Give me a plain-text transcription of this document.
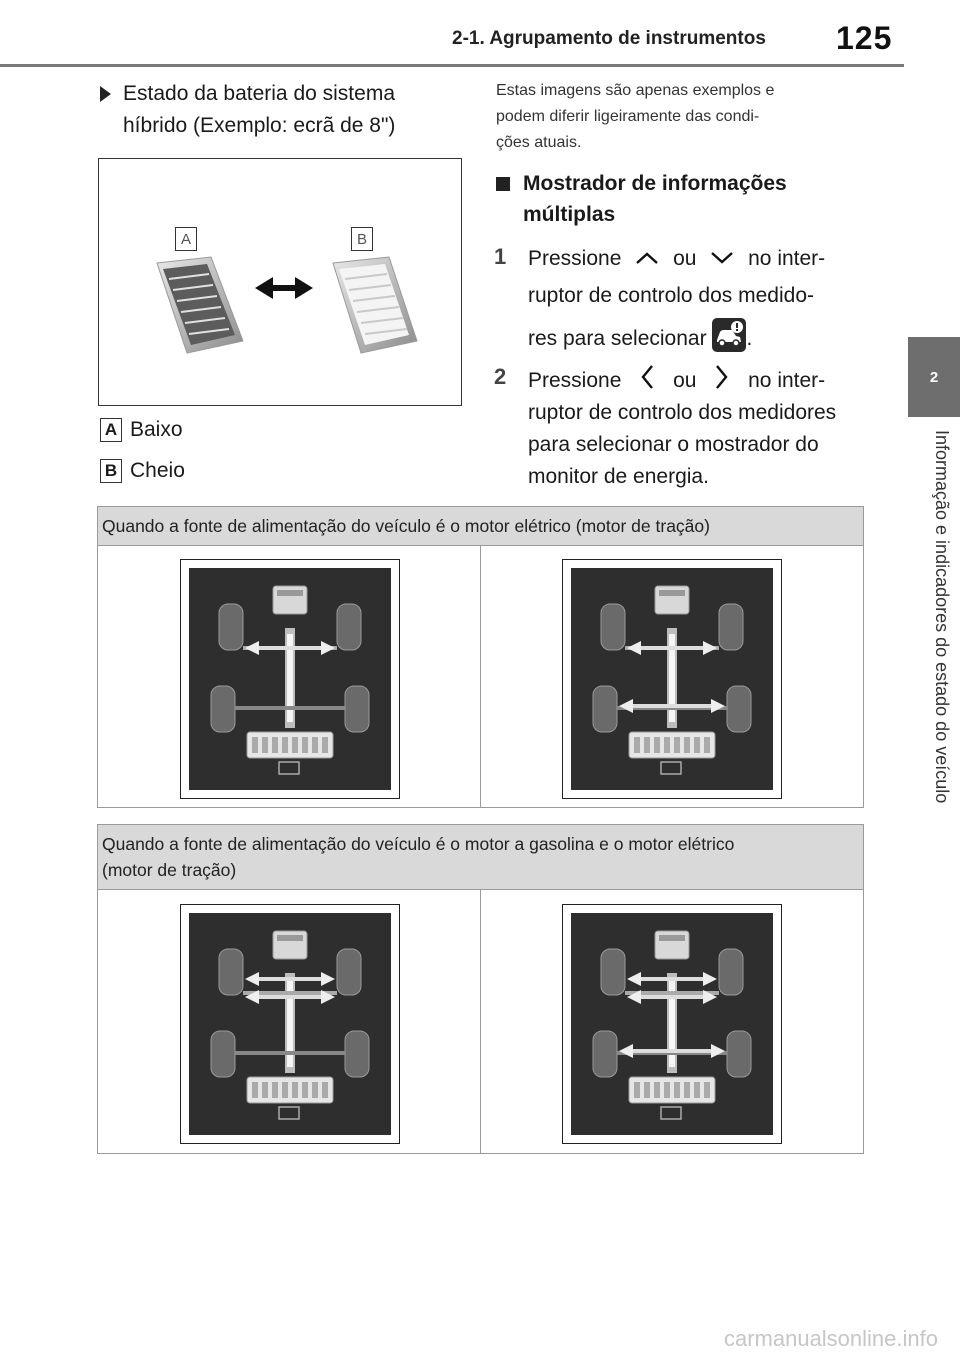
2-1. Agrupamento de instrumentos 125
2
Informação e indicadores do estado do veículo
Estado da bateria do sistema
híbrido (Exemplo: ecrã de 8")
A	B
A Baixo
B Cheio
Estas imagens são apenas exemplos e
podem diferir ligeiramente das condi-
ções atuais.
Mostrador de informações
múltiplas
1 Pressione ou no inter-
ruptor de controlo dos medido-
res para selecionar .
2 Pressione ou no inter-
ruptor de controlo dos medidores
para selecionar o mostrador do
monitor de energia.
Quando a fonte de alimentação do veículo é o motor elétrico (motor de tração)
Quando a fonte de alimentação do veículo é o motor a gasolina e o motor elétrico
(motor de tração)
carmanualsonline.info
